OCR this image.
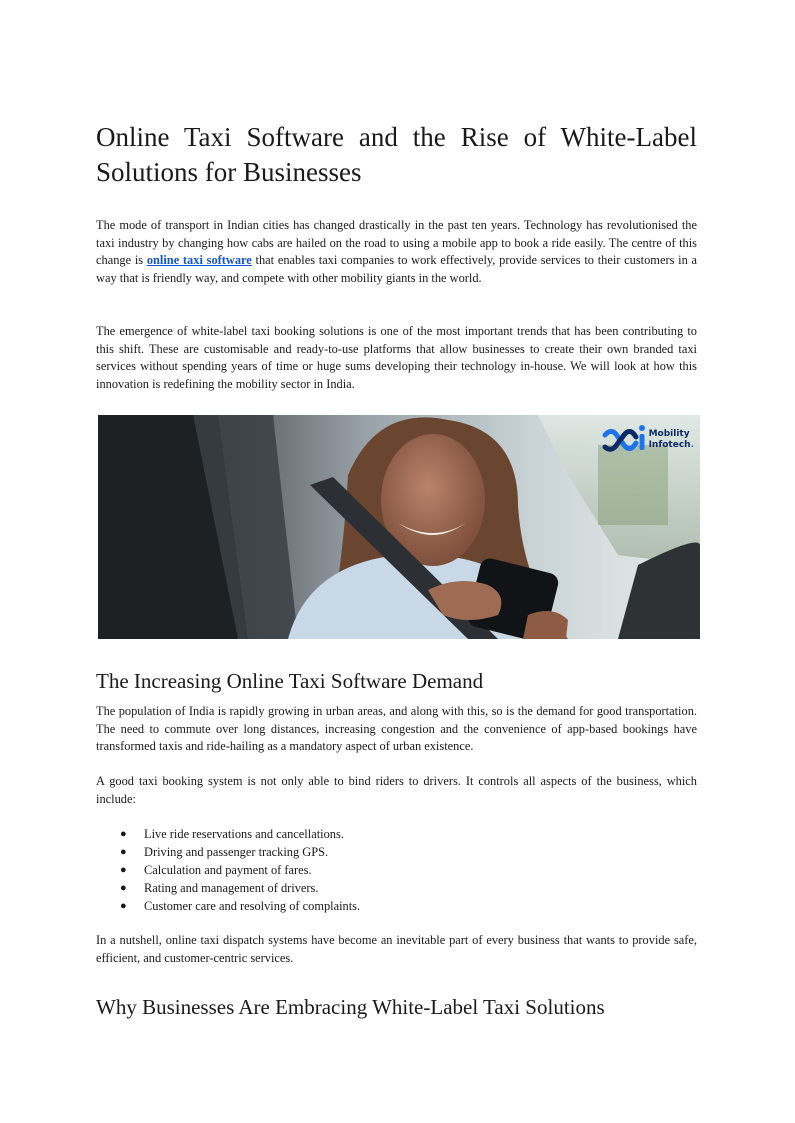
Online Taxi Software and the Rise of White-Label Solutions for Businesses

The mode of transport in Indian cities has changed drastically in the past ten years. Technology has revolutionised the taxi industry by changing how cabs are hailed on the road to using a mobile app to book a ride easily. The centre of this change is online taxi software that enables taxi companies to work effectively, provide services to their customers in a way that is friendly way, and compete with other mobility giants in the world.

The emergence of white-label taxi booking solutions is one of the most important trends that has been contributing to this shift. These are customisable and ready-to-use platforms that allow businesses to create their own branded taxi services without spending years of time or huge sums developing their technology in-house. We will look at how this innovation is redefining the mobility sector in India.

Mobility
Infotech.
The Increasing Online Taxi Software Demand

The population of India is rapidly growing in urban areas, and along with this, so is the demand for good transportation. The need to commute over long distances, increasing congestion and the convenience of app-based bookings have transformed taxis and ride-hailing as a mandatory aspect of urban existence.

A good taxi booking system is not only able to bind riders to drivers. It controls all aspects of the business, which include:

● Live ride reservations and cancellations.
● Driving and passenger tracking GPS.
● Calculation and payment of fares.
● Rating and management of drivers.
● Customer care and resolving of complaints.

In a nutshell, online taxi dispatch systems have become an inevitable part of every business that wants to provide safe, efficient, and customer-centric services.

Why Businesses Are Embracing White-Label Taxi Solutions
